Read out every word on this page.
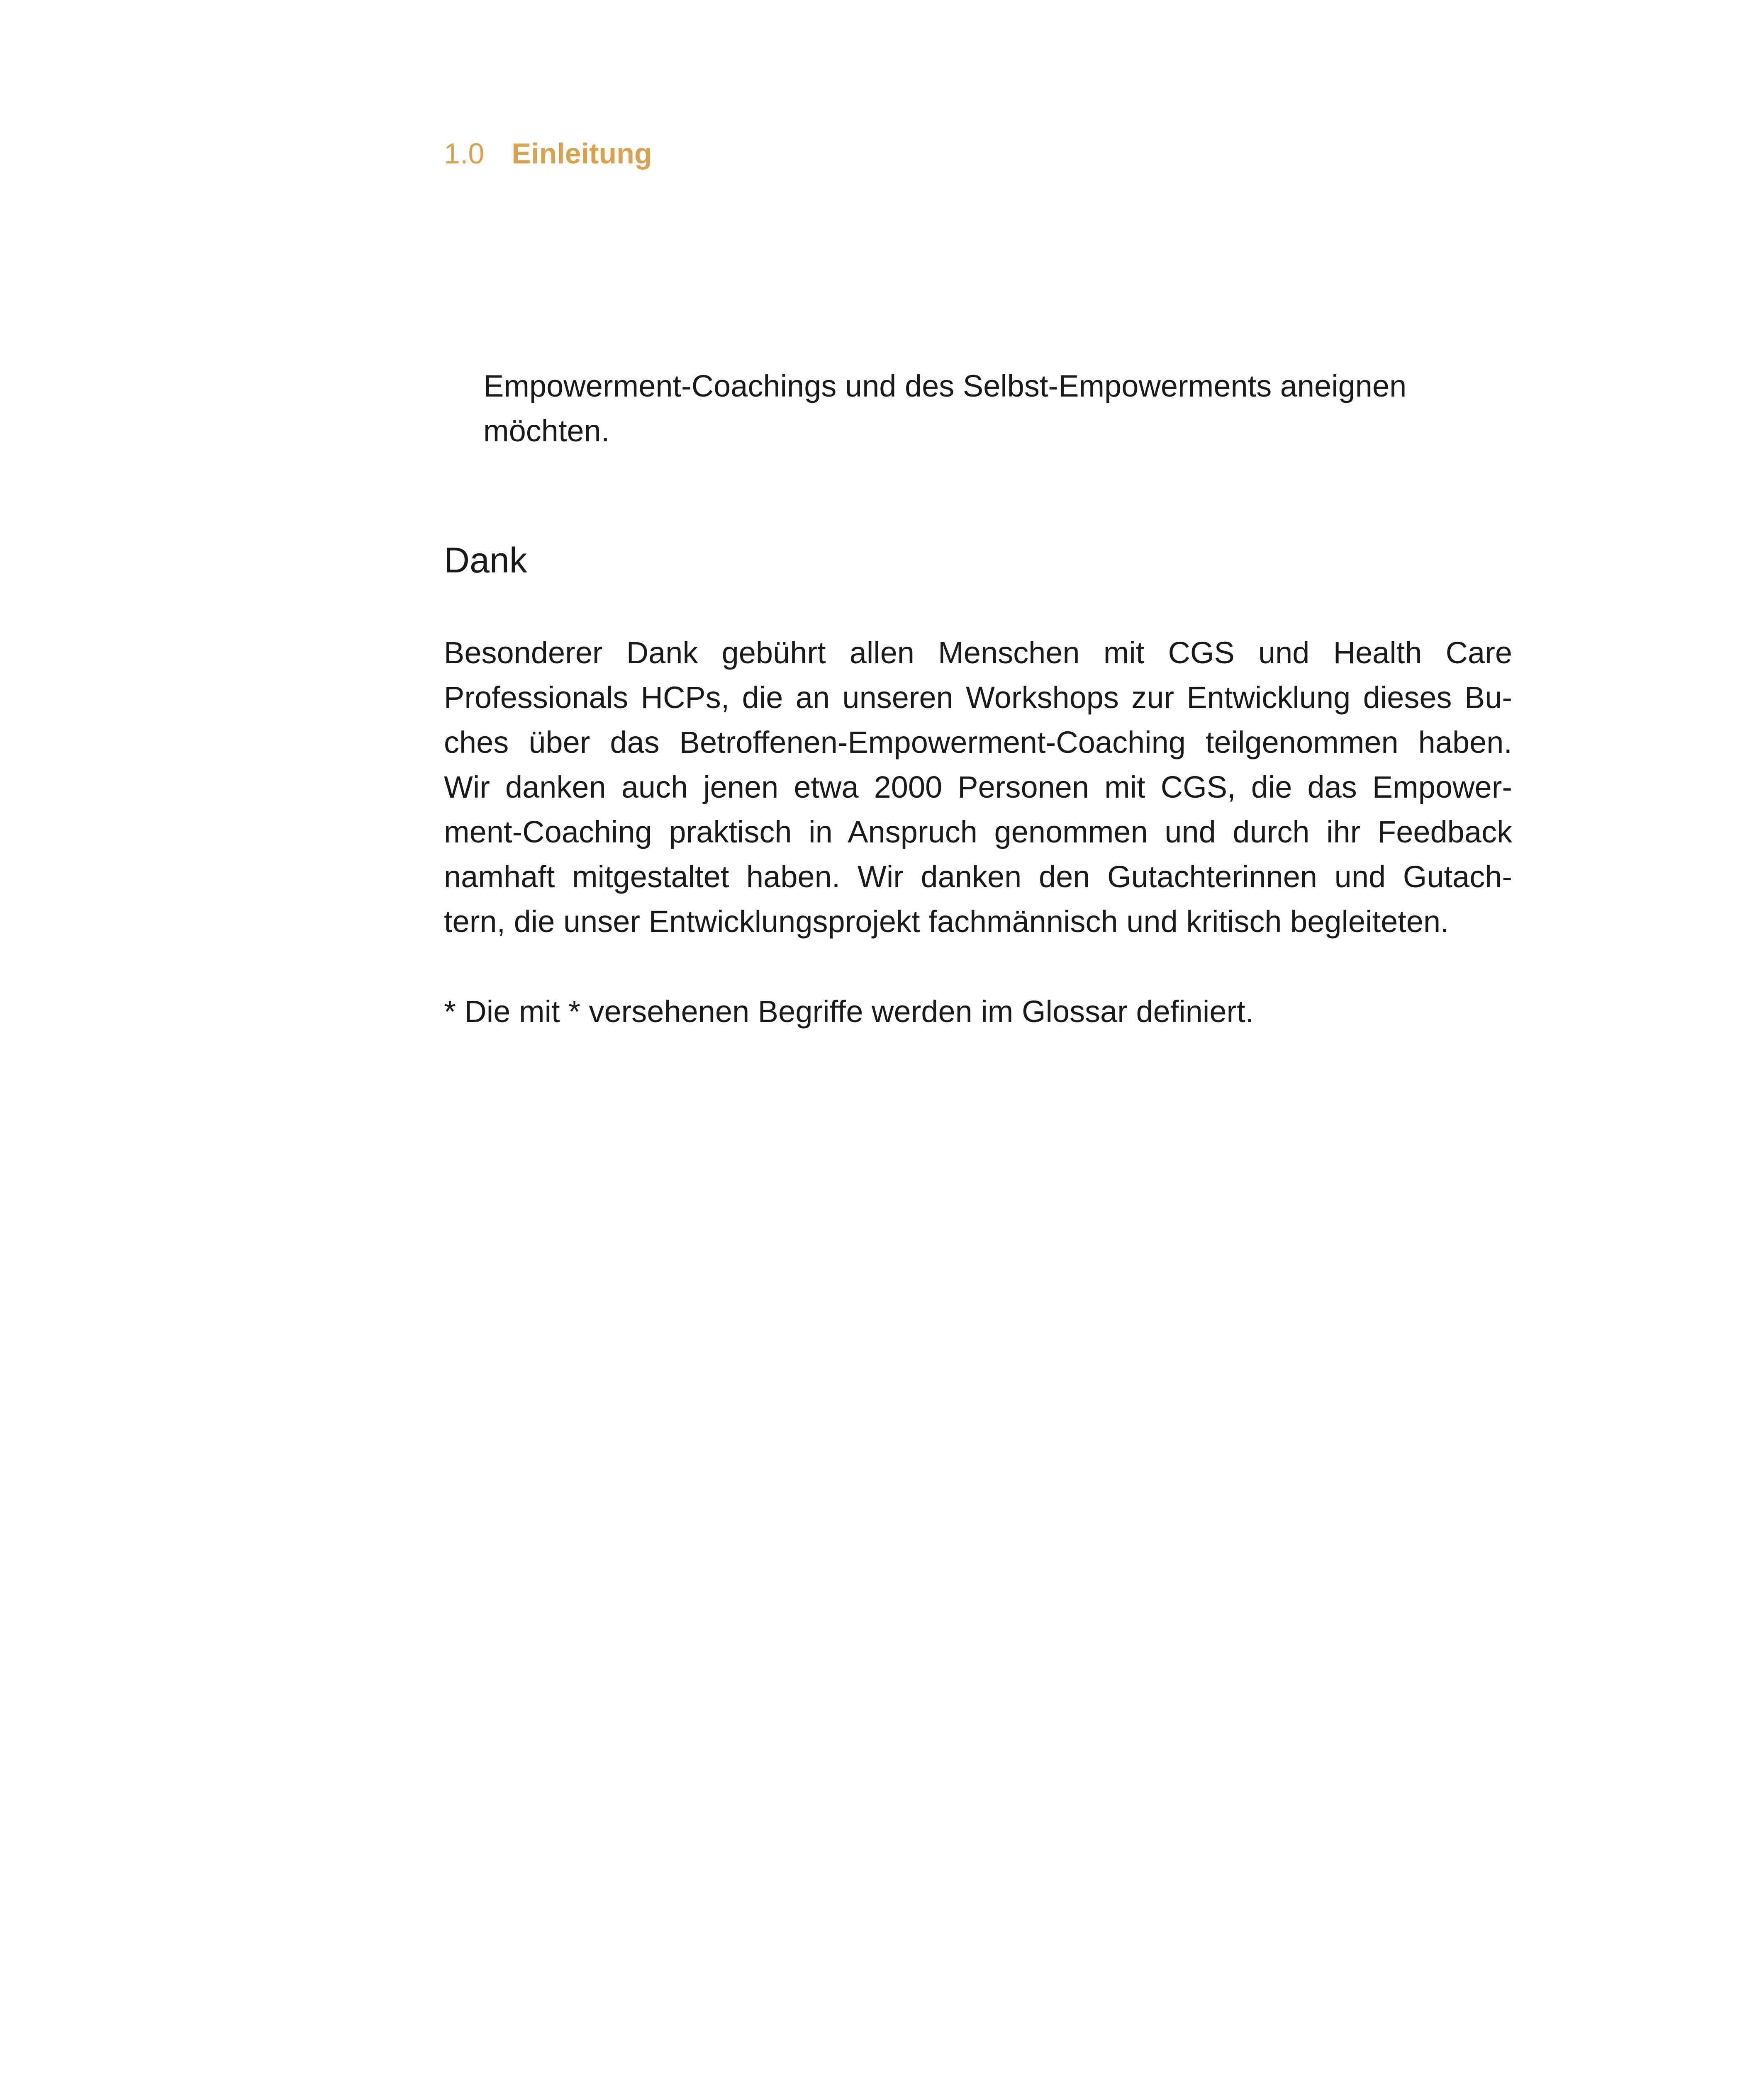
1.0 Einleitung

Empowerment-Coachings und des Selbst-Empowerments aneignen möchten.

Dank

Besonderer Dank gebührt allen Menschen mit CGS und Health Care
Professionals HCPs, die an unseren Workshops zur Entwicklung dieses Bu-
ches über das Betroffenen-Empowerment-Coaching teilgenommen haben.
Wir danken auch jenen etwa 2000 Personen mit CGS, die das Empower-
ment-Coaching praktisch in Anspruch genommen und durch ihr Feedback
namhaft mitgestaltet haben. Wir danken den Gutachterinnen und Gutach-
tern, die unser Entwicklungsprojekt fachmännisch und kritisch begleiteten.

* Die mit * versehenen Begriffe werden im Glossar definiert.
